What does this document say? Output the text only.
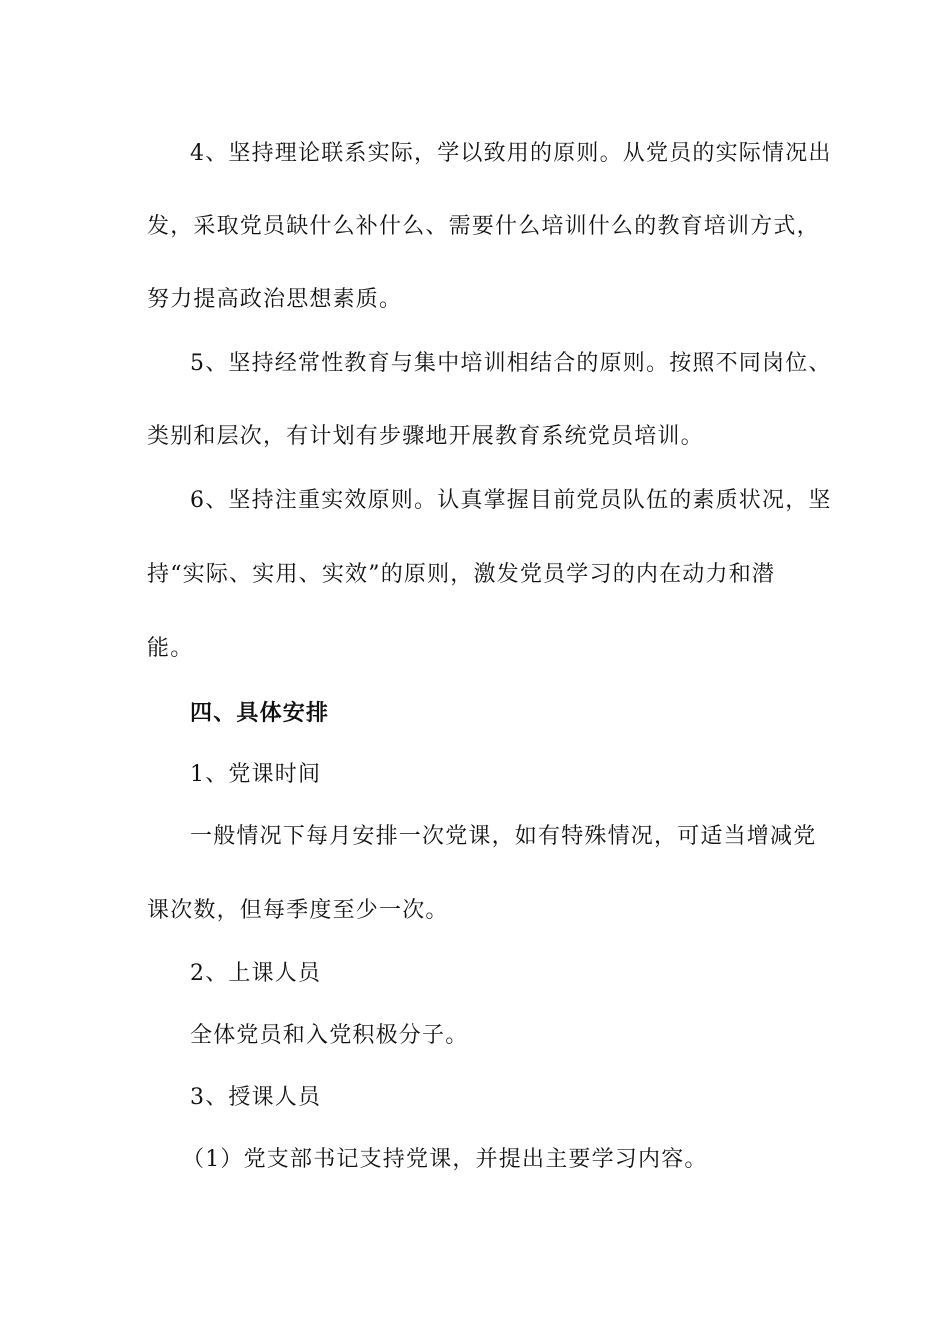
4、坚持理论联系实际，学以致用的原则。从党员的实际情况出
发，采取党员缺什么补什么、需要什么培训什么的教育培训方式，
努力提高政治思想素质。
5、坚持经常性教育与集中培训相结合的原则。按照不同岗位、
类别和层次，有计划有步骤地开展教育系统党员培训。
6、坚持注重实效原则。认真掌握目前党员队伍的素质状况，坚
持“实际、实用、实效”的原则，激发党员学习的内在动力和潜
能。
四、具体安排
1、党课时间
一般情况下每月安排一次党课，如有特殊情况，可适当增减党
课次数，但每季度至少一次。
2、上课人员
全体党员和入党积极分子。
3、授课人员
（1）党支部书记支持党课，并提出主要学习内容。
